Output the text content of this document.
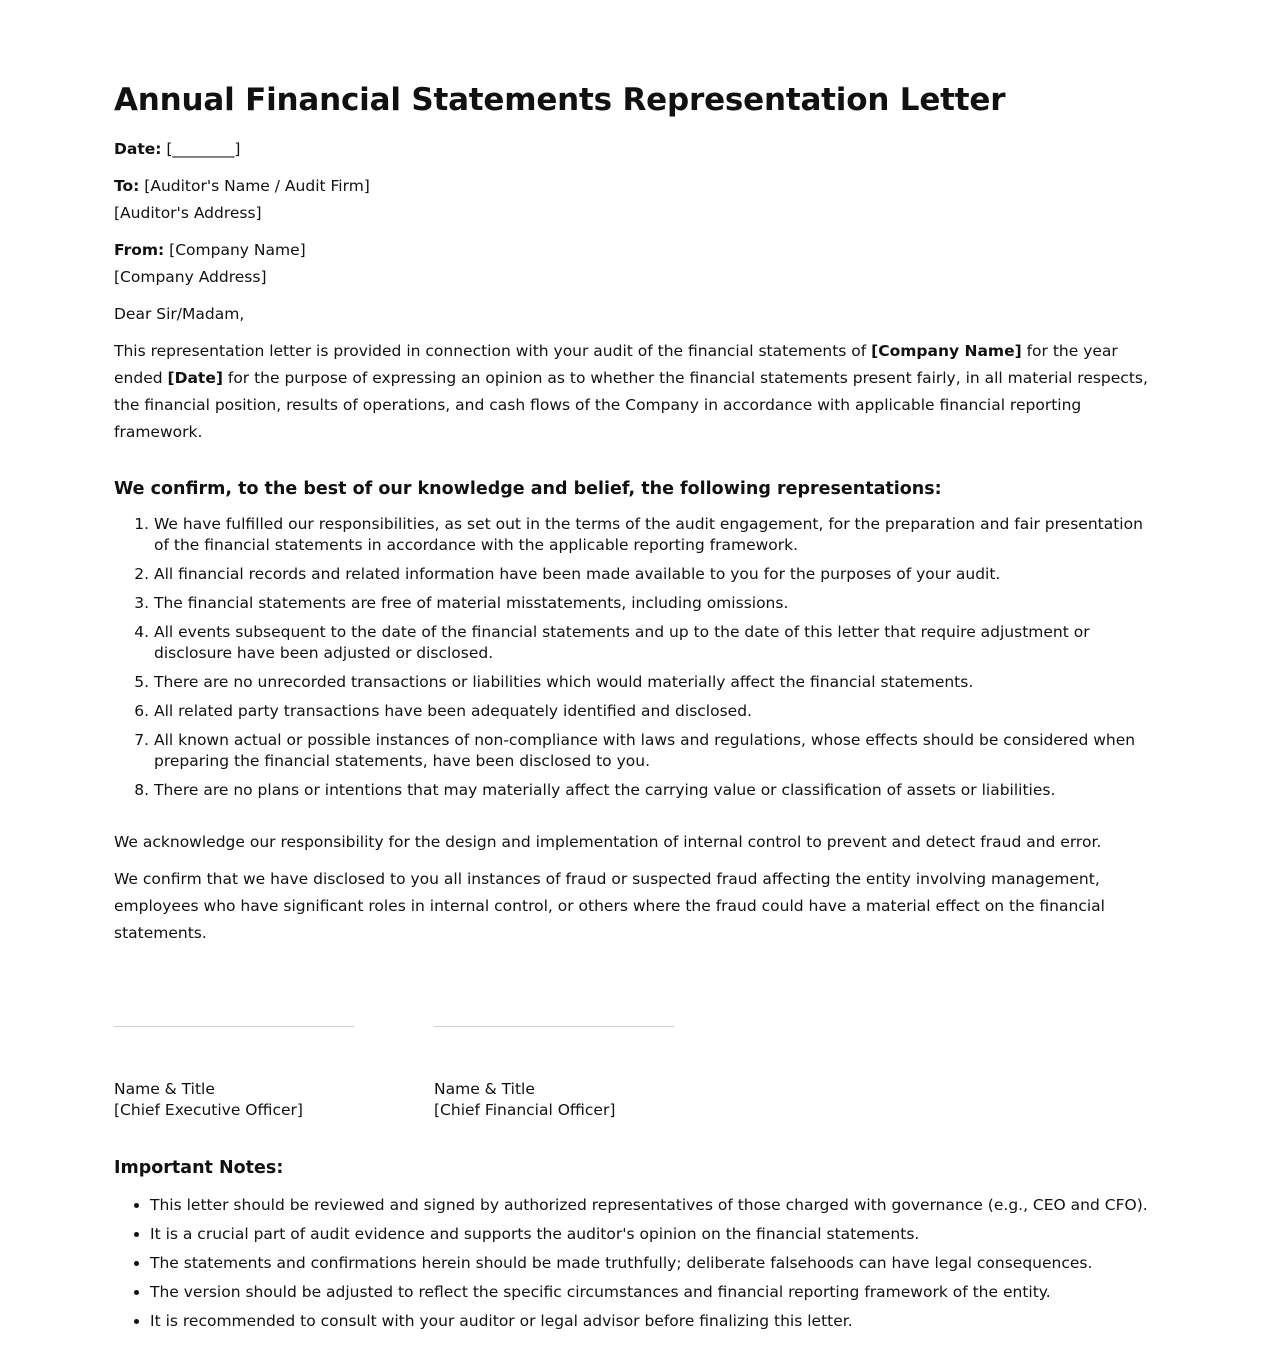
Annual Financial Statements Representation Letter
Date: [________]
To: [Auditor's Name / Audit Firm]
[Auditor's Address]
From: [Company Name]
[Company Address]

Dear Sir/Madam,

This representation letter is provided in connection with your audit of the financial statements of [Company Name] for the year ended [Date] for the purpose of expressing an opinion as to whether the financial statements present fairly, in all material respects, the financial position, results of operations, and cash flows of the Company in accordance with applicable financial reporting framework.

We confirm, to the best of our knowledge and belief, the following representations:
1. We have fulfilled our responsibilities, as set out in the terms of the audit engagement, for the preparation and fair presentation of the financial statements in accordance with the applicable reporting framework.
2. All financial records and related information have been made available to you for the purposes of your audit.
3. The financial statements are free of material misstatements, including omissions.
4. All events subsequent to the date of the financial statements and up to the date of this letter that require adjustment or disclosure have been adjusted or disclosed.
5. There are no unrecorded transactions or liabilities which would materially affect the financial statements.
6. All related party transactions have been adequately identified and disclosed.
7. All known actual or possible instances of non-compliance with laws and regulations, whose effects should be considered when preparing the financial statements, have been disclosed to you.
8. There are no plans or intentions that may materially affect the carrying value or classification of assets or liabilities.

We acknowledge our responsibility for the design and implementation of internal control to prevent and detect fraud and error.

We confirm that we have disclosed to you all instances of fraud or suspected fraud affecting the entity involving management, employees who have significant roles in internal control, or others where the fraud could have a material effect on the financial statements.

Name & Title
[Chief Executive Officer]
Name & Title
[Chief Financial Officer]
Important Notes:
• This letter should be reviewed and signed by authorized representatives of those charged with governance (e.g., CEO and CFO).
• It is a crucial part of audit evidence and supports the auditor's opinion on the financial statements.
• The statements and confirmations herein should be made truthfully; deliberate falsehoods can have legal consequences.
• The version should be adjusted to reflect the specific circumstances and financial reporting framework of the entity.
• It is recommended to consult with your auditor or legal advisor before finalizing this letter.
